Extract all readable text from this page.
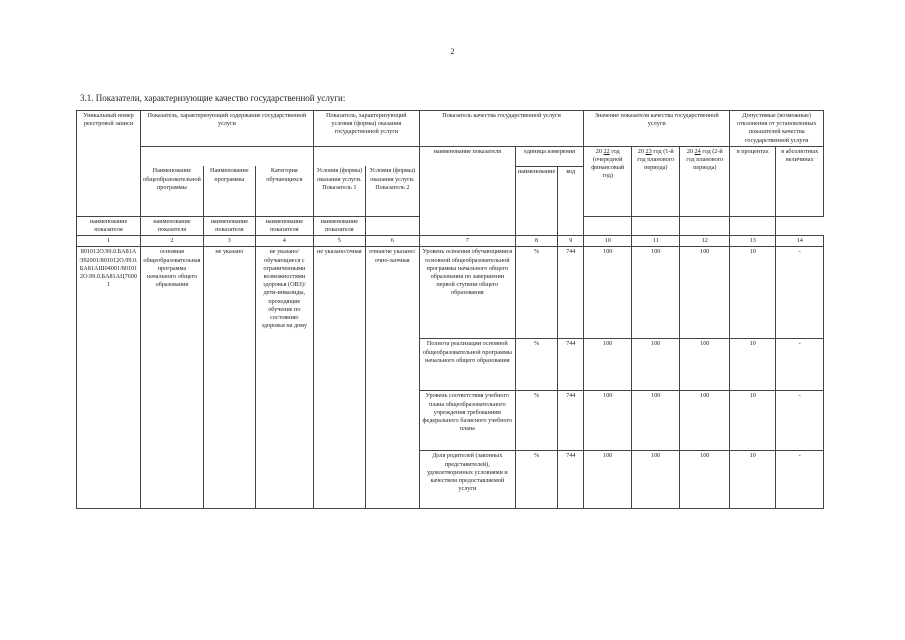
2
3.1. Показатели, характеризующие качество государственной услуги:
Уникальный номер реестровой записи	Показатель, характеризующий содержание государственной услуги			Показатель, характеризующий условия (формы) оказания государственной услуги		Показатель качества государственной услуги			Значение показателя качества государственной услуги			Допустимые (возможные) отклонения от установленных показателей качества государственной услуги	
						наименование показателя	единица измерения		20 22 год (очередной финансовый год)	20 23 год (1-й год планового периода)	20 24 год (2-й год планового периода)	в процентах	в абсолютных величинах
	Наименование общеобразовательной программы	Наименование программы	Категория обучающихся	Условия (формы) оказания услуги. Показатель 1	Условия (формы) оказания услуги. Показатель 2		наименование	код					
наименование показателя	наименование показателя	наименование показателя	наименование показателя	наименование показателя									
1	2	3	4	5	6	7	8	9	10	11	12	13	14
801012О.99.0.БА81АЭ92001/801012О.99.0.БА81АШ04001/801012О.99.0.БА81АЦ76001	основная общеобразовательная программа начального общего образования	не указано	не указано/обучающиеся с ограниченными возможностями здоровья (ОВЗ)/ дети-инвалиды, проходящие обучение по состоянию здоровья на дому	не указано/очная	очная/не указано/ очно-заочная	Уровень освоения обучающимися основной общеобразовательной программы начального общего образования по завершении первой ступени общего образования	%	744	100	100	100	10	-
						Полнота реализации основной общеобразовательной программы начального общего образования	%	744	100	100	100	10	-
						Уровень соответствия учебного плана общеобразовательного учреждения требованиям федерального базисного учебного плана	%	744	100	100	100	10	-
						Доля родителей (законных представителей), удовлетворенных условиями и качеством предоставляемой услуги	%	744	100	100	100	10	-
